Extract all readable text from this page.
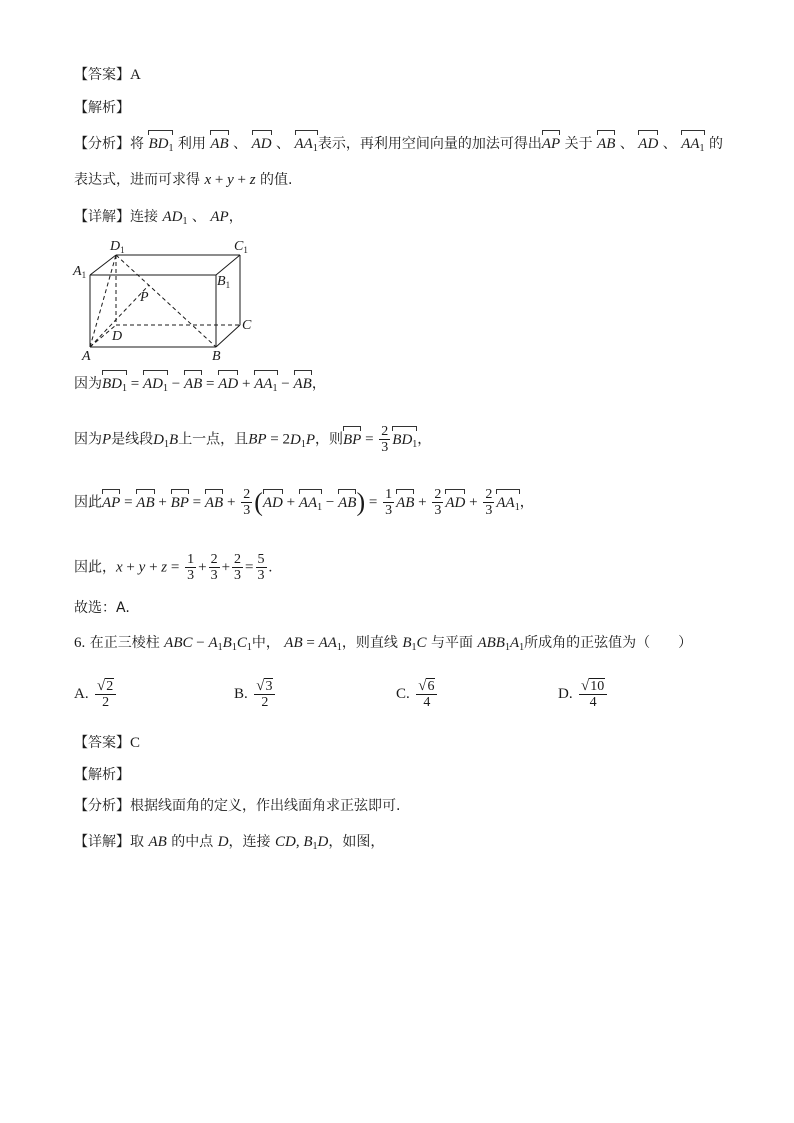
【答案】A
【解析】
【分析】将 $BD_1$ 利用 AB 、 AD 、 $AA_1$表示，再利用空间向量的加法可得出AP 关于 AB 、 AD 、 $AA_1$ 的
表达式，进而可求得 x + y + z 的值.
【详解】连接 $AD_1$ 、 AP，
$D_1$	$C_1$
$A_1$	$B_1$
P
C
D
A	B
因为$BD_1 = AD_1$ − AB = AD + $AA_1$ − AB，
因为P是线段$D_1B$上一点，且BP = $2D_1P$，则BP = $\frac{2}{3} BD_1$，
因此AP = AB + BP = AB + $\frac{2}{3} (AD + AA_1 - AB) = \frac{1}{3}$ AB + $\frac{2}{3}$ AD + $\frac{2}{3} AA_1$，
因此，$x + y + z = \frac{1}{3} + \frac{2}{3} + \frac{2}{3} = \frac{5}{3}$ .
故选：A.
6. 在正三棱柱 ABC − $A_1B_1C_1$中， AB = $AA_1$，则直线 $B_1C$ 与平面 $ABB_1A_1$所成角的正弦值为（　　）
A. $\frac{√2}{2}$	B. $\frac{√3}{2}$	C. $\frac{√6}{4}$	D. $\frac{√10}{4}$
【答案】C
【解析】
【分析】根据线面角的定义，作出线面角求正弦即可.
【详解】取 AB 的中点 D，连接 CD, $B_1D$，如图，
